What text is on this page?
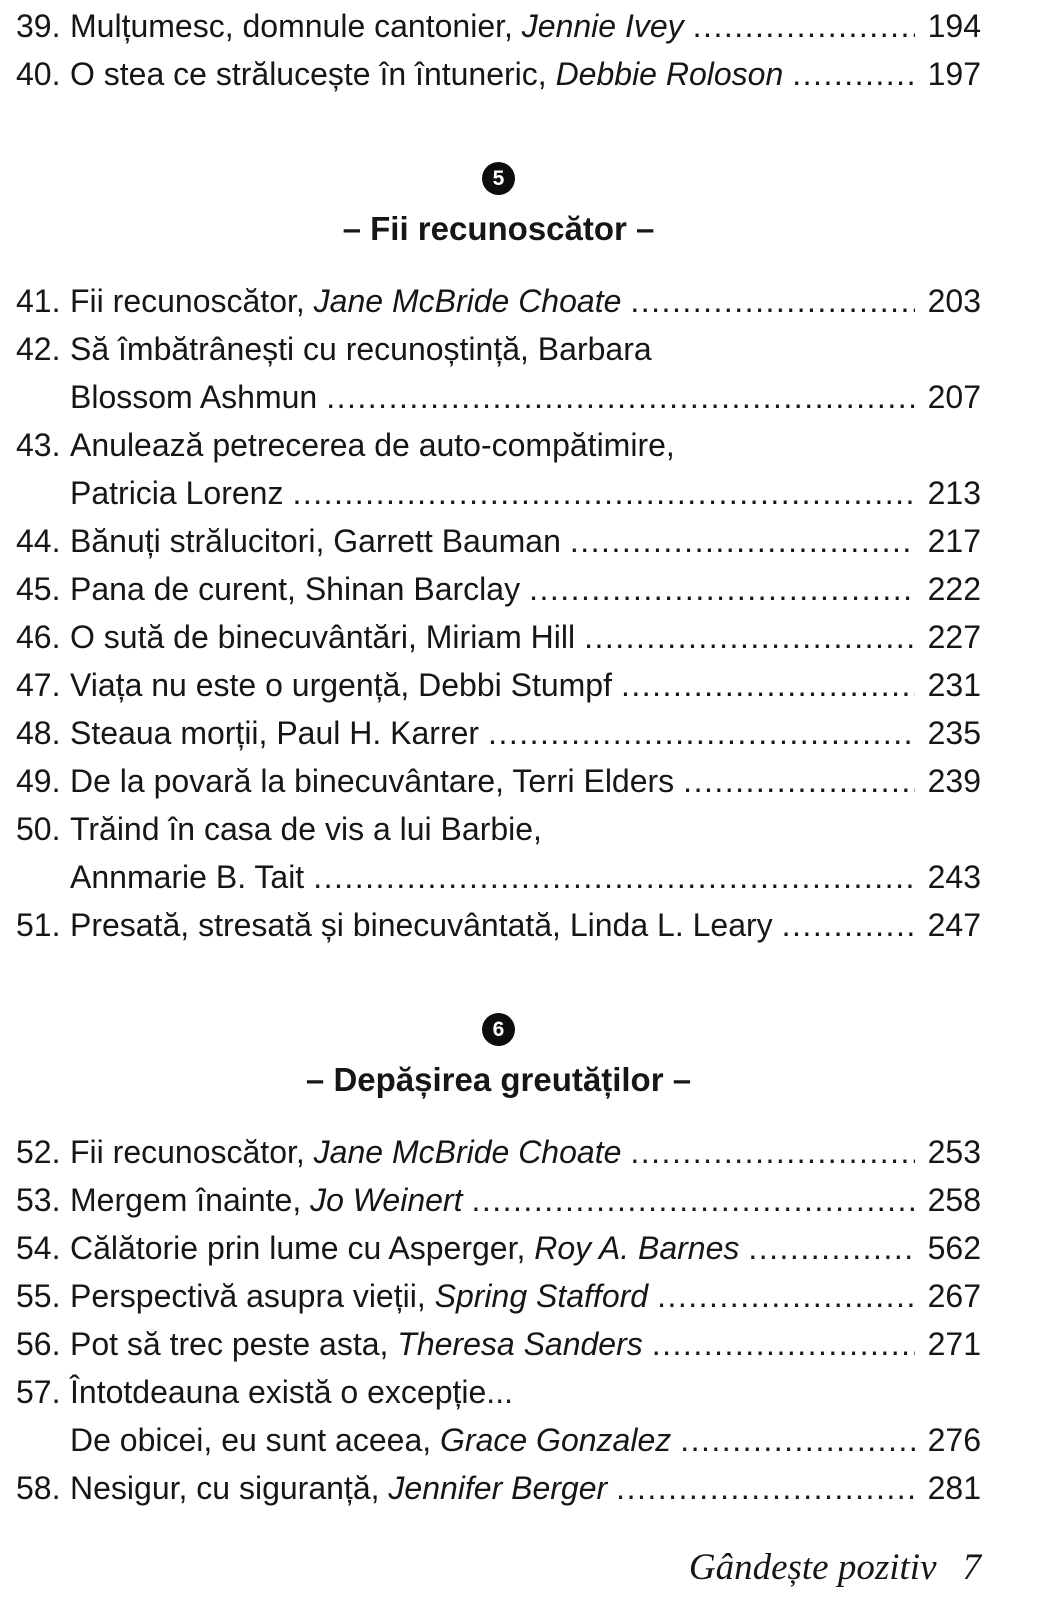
39. Mulțumesc, domnule cantonier, Jennie Ivey .....	194
40. O stea ce strălucește în întuneric, Debbie Roloson .....	197
5
– Fii recunoscător –
41. Fii recunoscător, Jane McBride Choate .....	203
42. Să îmbătrânești cu recunoștință, Barbara
Blossom Ashmun .....	207
43. Anulează petrecerea de auto-compătimire,
Patricia Lorenz .....	213
44. Bănuți strălucitori, Garrett Bauman .....	217
45. Pana de curent, Shinan Barclay .....	222
46. O sută de binecuvântări, Miriam Hill .....	227
47. Viața nu este o urgență, Debbi Stumpf .....	231
48. Steaua morții, Paul H. Karrer .....	235
49. De la povară la binecuvântare, Terri Elders .....	239
50. Trăind în casa de vis a lui Barbie,
Annmarie B. Tait .....	243
51. Presată, stresată și binecuvântată, Linda L. Leary .....	247
6
– Depășirea greutăților –
52. Fii recunoscător, Jane McBride Choate .....	253
53. Mergem înainte, Jo Weinert .....	258
54. Călătorie prin lume cu Asperger, Roy A. Barnes .....	562
55. Perspectivă asupra vieții, Spring Stafford .....	267
56. Pot să trec peste asta, Theresa Sanders .....	271
57. Întotdeauna există o excepție...
De obicei, eu sunt aceea, Grace Gonzalez .....	276
58. Nesigur, cu siguranță, Jennifer Berger .....	281
Gândește pozitiv 7
